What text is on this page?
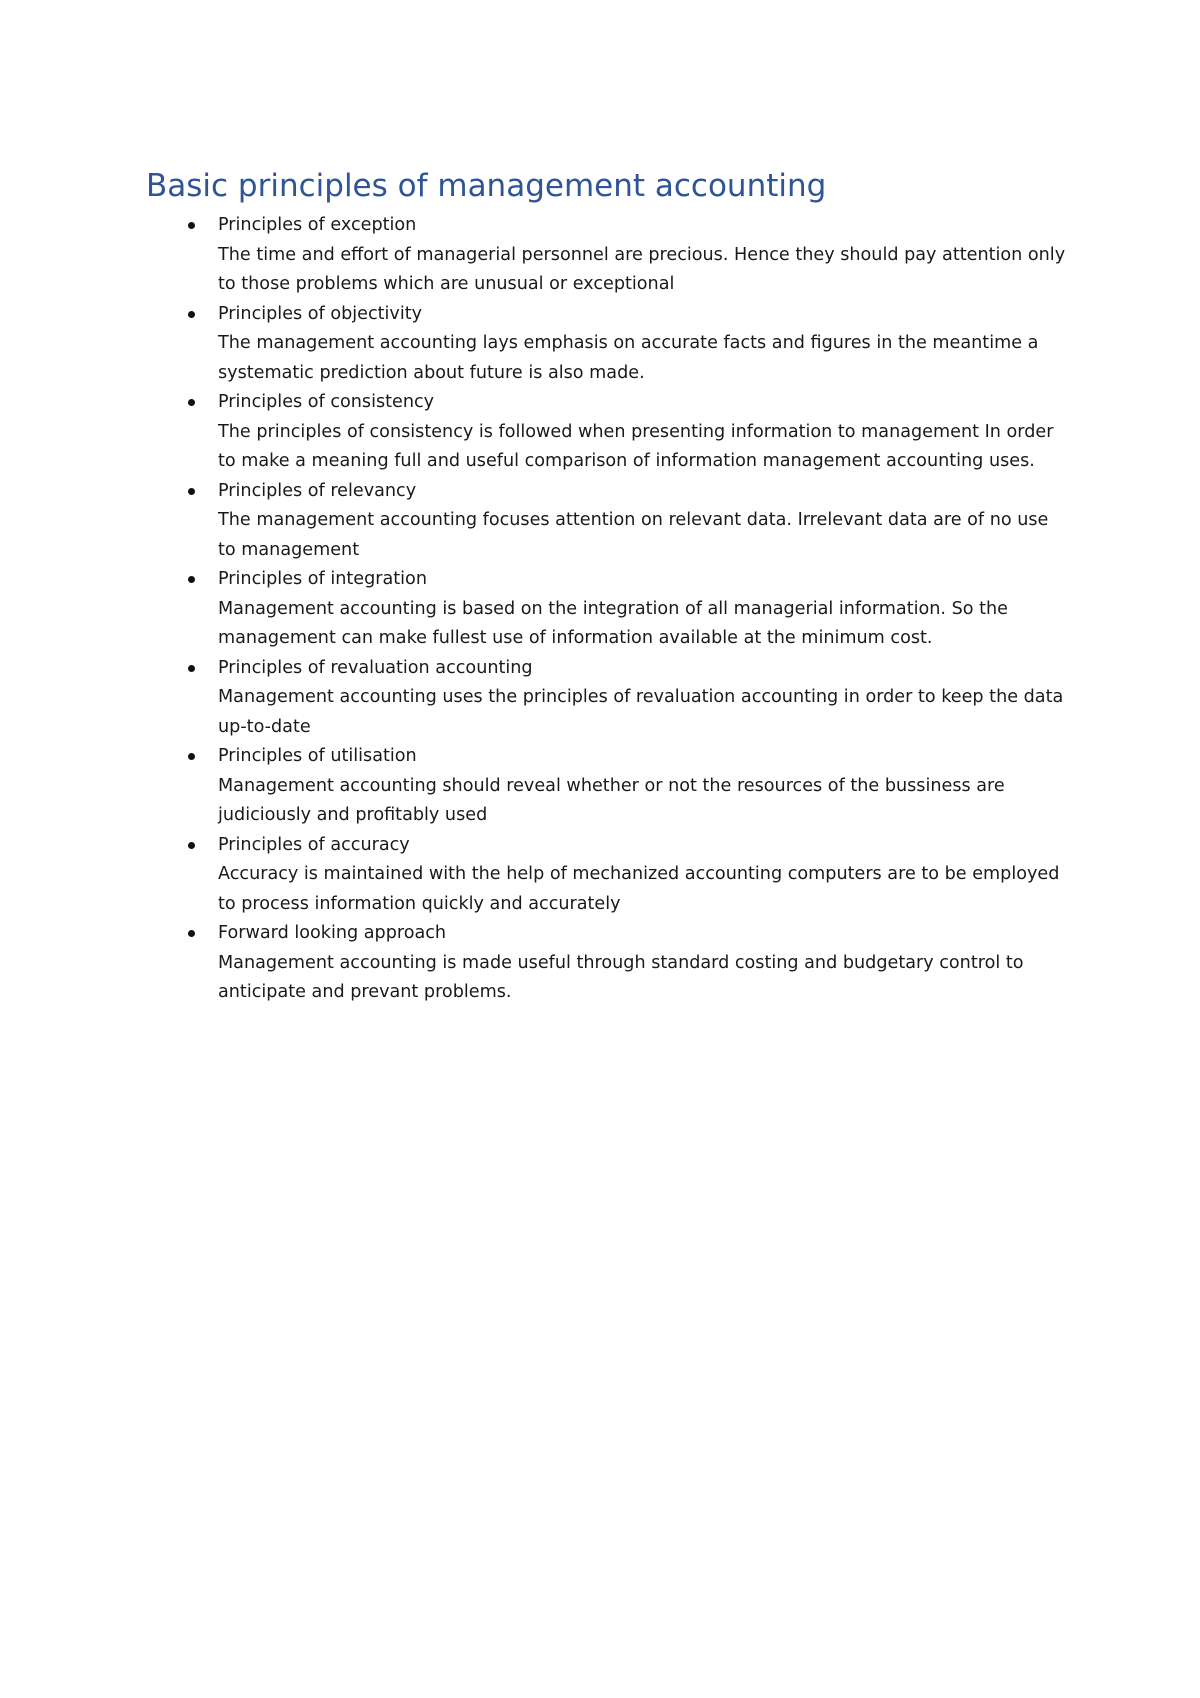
Basic principles of management accounting
Principles of exception
The time and effort of managerial personnel are precious. Hence they should pay attention only to those problems which are unusual or exceptional
Principles of objectivity
The management accounting lays emphasis on accurate facts and figures in the meantime a systematic prediction about future is also made.
Principles of consistency
The principles of consistency is followed when presenting information to management In order to make a meaning full and useful comparison of information management accounting uses.
Principles of relevancy
The management accounting focuses attention on relevant data. Irrelevant data are of no use to management
Principles of integration
Management accounting is based on the integration of all managerial information. So the management can make fullest use of information available at the minimum cost.
Principles of revaluation accounting
Management accounting uses the principles of revaluation accounting in order to keep the data up-to-date
Principles of utilisation
Management accounting should reveal whether or not the resources of the bussiness are judiciously and profitably used
Principles of accuracy
Accuracy is maintained with the help of mechanized accounting computers are to be employed to process information quickly and accurately
Forward looking approach
Management accounting is made useful through standard costing and budgetary control to anticipate and prevant problems.
